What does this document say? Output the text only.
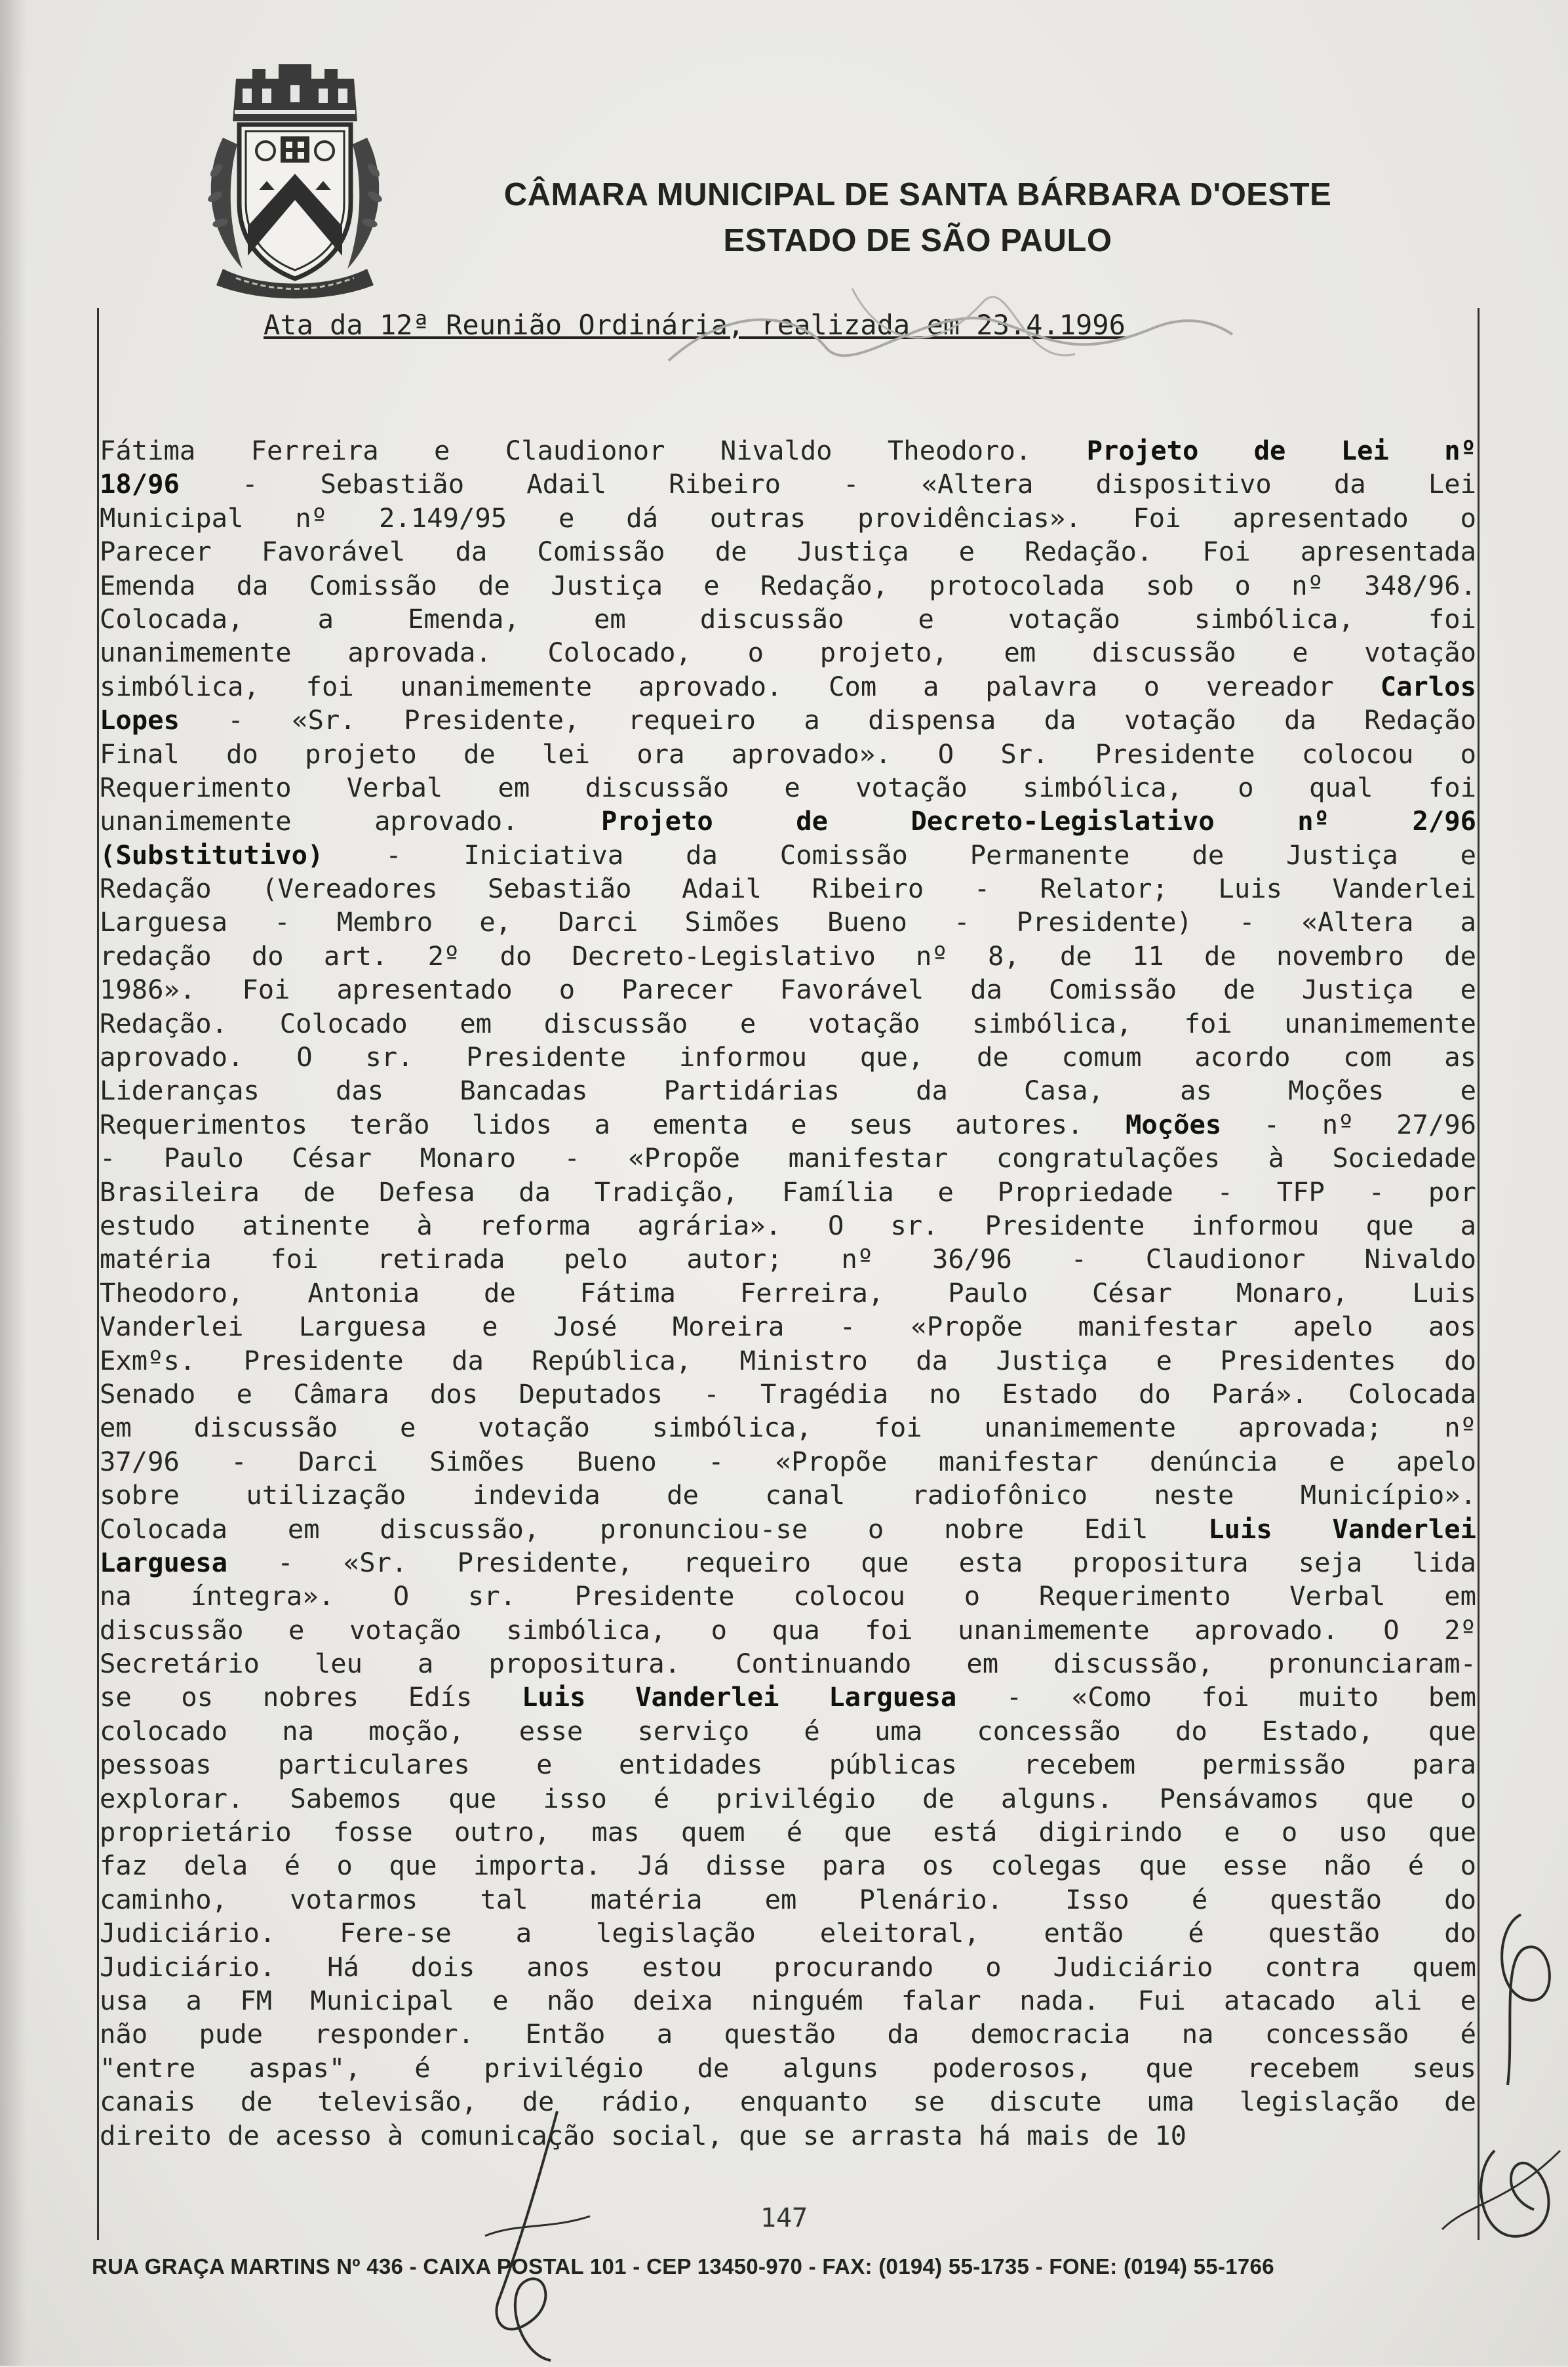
CÂMARA MUNICIPAL DE SANTA BÁRBARA D'OESTE
ESTADO DE SÃO PAULO
Ata da 12ª Reunião Ordinária, realizada em 23.4.1996
Fátima Ferreira e Claudionor Nivaldo Theodoro. Projeto de Lei nº
18/96 - Sebastião Adail Ribeiro - «Altera dispositivo da Lei
Municipal nº 2.149/95 e dá outras providências». Foi apresentado o
Parecer Favorável da Comissão de Justiça e Redação. Foi apresentada
Emenda da Comissão de Justiça e Redação, protocolada sob o nº 348/96.
Colocada, a Emenda, em discussão e votação simbólica, foi
unanimemente aprovada. Colocado, o projeto, em discussão e votação
simbólica, foi unanimemente aprovado. Com a palavra o vereador Carlos
Lopes - «Sr. Presidente, requeiro a dispensa da votação da Redação
Final do projeto de lei ora aprovado». O Sr. Presidente colocou o
Requerimento Verbal em discussão e votação simbólica, o qual foi
unanimemente aprovado. Projeto de Decreto-Legislativo nº 2/96
(Substitutivo) - Iniciativa da Comissão Permanente de Justiça e
Redação (Vereadores Sebastião Adail Ribeiro - Relator; Luis Vanderlei
Larguesa - Membro e, Darci Simões Bueno - Presidente) - «Altera a
redação do art. 2º do Decreto-Legislativo nº 8, de 11 de novembro de
1986». Foi apresentado o Parecer Favorável da Comissão de Justiça e
Redação. Colocado em discussão e votação simbólica, foi unanimemente
aprovado. O sr. Presidente informou que, de comum acordo com as
Lideranças das Bancadas Partidárias da Casa, as Moções e
Requerimentos terão lidos a ementa e seus autores. Moções - nº 27/96
- Paulo César Monaro - «Propõe manifestar congratulações à Sociedade
Brasileira de Defesa da Tradição, Família e Propriedade - TFP - por
estudo atinente à reforma agrária». O sr. Presidente informou que a
matéria foi retirada pelo autor; nº 36/96 - Claudionor Nivaldo
Theodoro, Antonia de Fátima Ferreira, Paulo César Monaro, Luis
Vanderlei Larguesa e José Moreira - «Propõe manifestar apelo aos
Exmºs. Presidente da República, Ministro da Justiça e Presidentes do
Senado e Câmara dos Deputados - Tragédia no Estado do Pará». Colocada
em discussão e votação simbólica, foi unanimemente aprovada; nº
37/96 - Darci Simões Bueno - «Propõe manifestar denúncia e apelo
sobre utilização indevida de canal radiofônico neste Município».
Colocada em discussão, pronunciou-se o nobre Edil Luis Vanderlei
Larguesa - «Sr. Presidente, requeiro que esta propositura seja lida
na íntegra». O sr. Presidente colocou o Requerimento Verbal em
discussão e votação simbólica, o qua foi unanimemente aprovado. O 2º
Secretário leu a propositura. Continuando em discussão, pronunciaram-
se os nobres Edís Luis Vanderlei Larguesa - «Como foi muito bem
colocado na moção, esse serviço é uma concessão do Estado, que
pessoas particulares e entidades públicas recebem permissão para
explorar. Sabemos que isso é privilégio de alguns. Pensávamos que o
proprietário fosse outro, mas quem é que está digirindo e o uso que
faz dela é o que importa. Já disse para os colegas que esse não é o
caminho, votarmos tal matéria em Plenário. Isso é questão do
Judiciário. Fere-se a legislação eleitoral, então é questão do
Judiciário. Há dois anos estou procurando o Judiciário contra quem
usa a FM Municipal e não deixa ninguém falar nada. Fui atacado ali e
não pude responder. Então a questão da democracia na concessão é
"entre aspas", é privilégio de alguns poderosos, que recebem seus
canais de televisão, de rádio, enquanto se discute uma legislação de
direito de acesso à comunicação social, que se arrasta há mais de 10
147
RUA GRAÇA MARTINS Nº 436 - CAIXA POSTAL 101 - CEP 13450-970 - FAX: (0194) 55-1735 - FONE: (0194) 55-1766
